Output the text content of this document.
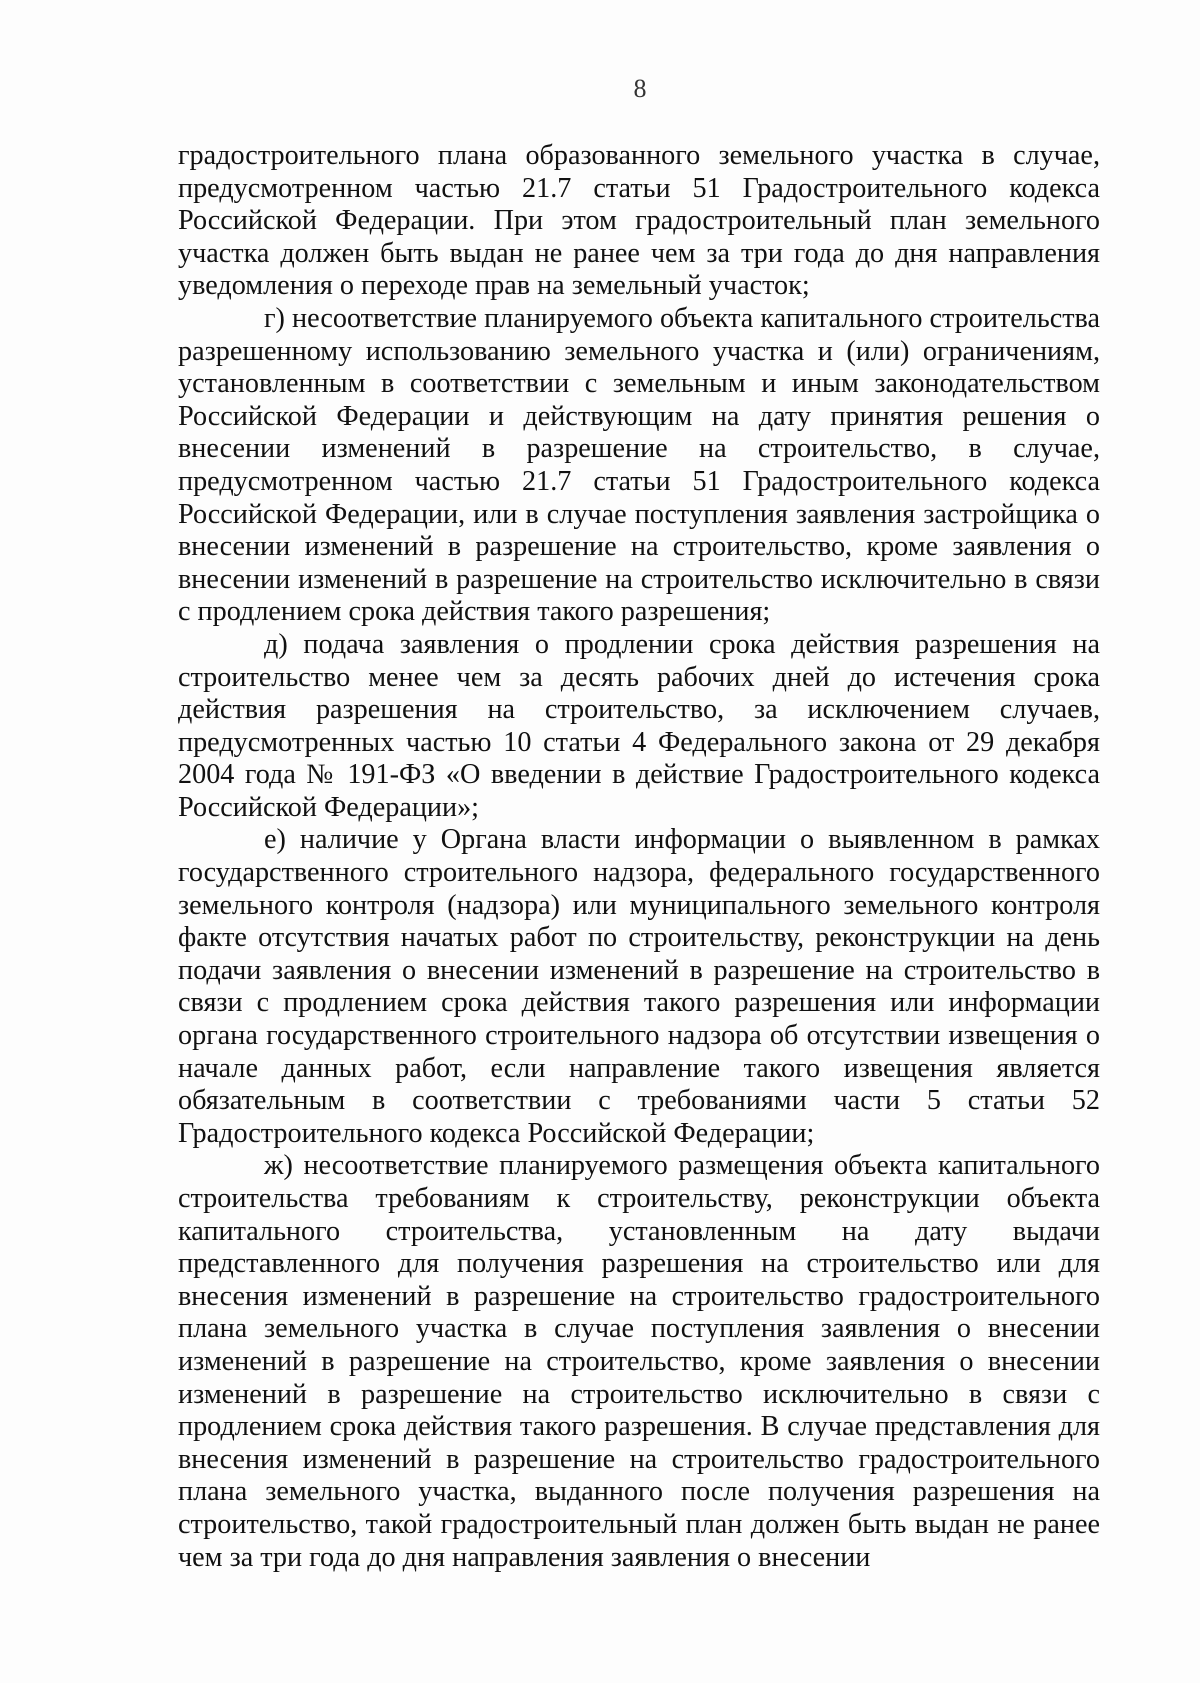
8

градостроительного плана образованного земельного участка в случае, предусмотренном частью 21.7 статьи 51 Градостроительного кодекса Российской Федерации. При этом градостроительный план земельного участка должен быть выдан не ранее чем за три года до дня направления уведомления о переходе прав на земельный участок;

г) несоответствие планируемого объекта капитального строительства разрешенному использованию земельного участка и (или) ограничениям, установленным в соответствии с земельным и иным законодательством Российской Федерации и действующим на дату принятия решения о внесении изменений в разрешение на строительство, в случае, предусмотренном частью 21.7 статьи 51 Градостроительного кодекса Российской Федерации, или в случае поступления заявления застройщика о внесении изменений в разрешение на строительство, кроме заявления о внесении изменений в разрешение на строительство исключительно в связи с продлением срока действия такого разрешения;

д) подача заявления о продлении срока действия разрешения на строительство менее чем за десять рабочих дней до истечения срока действия разрешения на строительство, за исключением случаев, предусмотренных частью 10 статьи 4 Федерального закона от 29 декабря 2004 года № 191-ФЗ «О введении в действие Градостроительного кодекса Российской Федерации»;

е) наличие у Органа власти информации о выявленном в рамках государственного строительного надзора, федерального государственного земельного контроля (надзора) или муниципального земельного контроля факте отсутствия начатых работ по строительству, реконструкции на день подачи заявления о внесении изменений в разрешение на строительство в связи с продлением срока действия такого разрешения или информации органа государственного строительного надзора об отсутствии извещения о начале данных работ, если направление такого извещения является обязательным в соответствии с требованиями части 5 статьи 52 Градостроительного кодекса Российской Федерации;

ж) несоответствие планируемого размещения объекта капитального строительства требованиям к строительству, реконструкции объекта капитального строительства, установленным на дату выдачи представленного для получения разрешения на строительство или для внесения изменений в разрешение на строительство градостроительного плана земельного участка в случае поступления заявления о внесении изменений в разрешение на строительство, кроме заявления о внесении изменений в разрешение на строительство исключительно в связи с продлением срока действия такого разрешения. В случае представления для внесения изменений в разрешение на строительство градостроительного плана земельного участка, выданного после получения разрешения на строительство, такой градостроительный план должен быть выдан не ранее чем за три года до дня направления заявления о внесении
